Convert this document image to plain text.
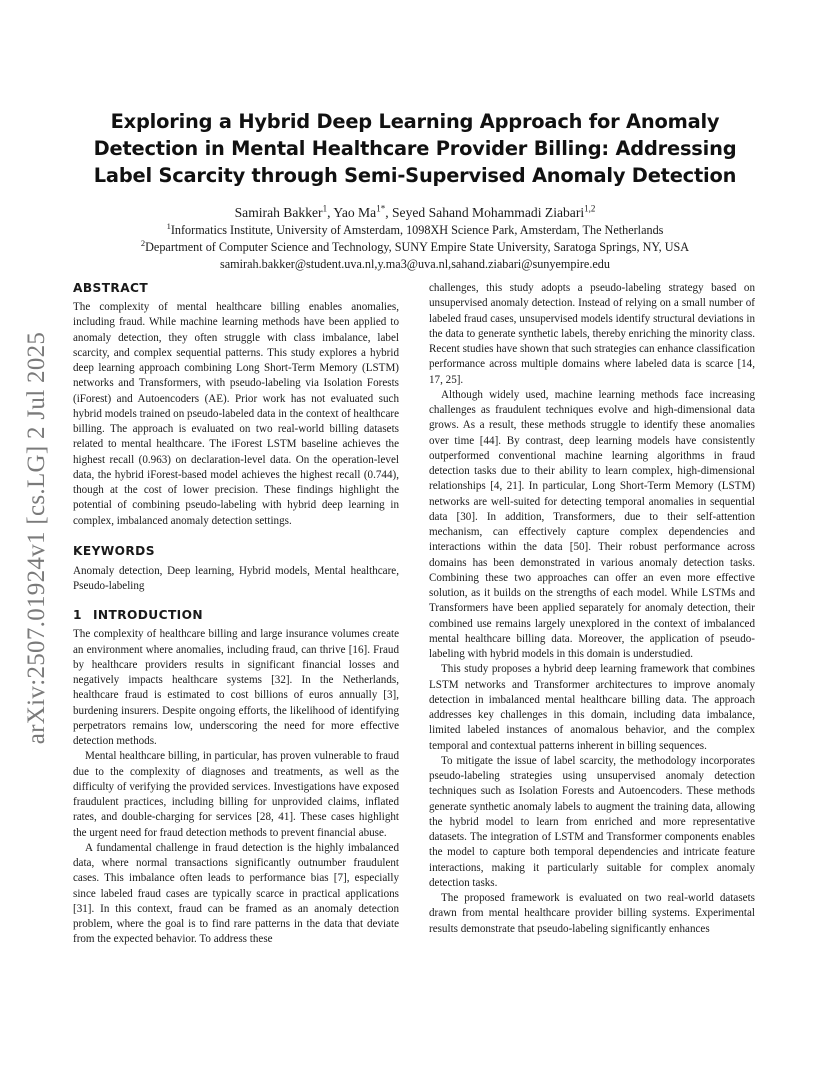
arXiv:2507.01924v1 [cs.LG] 2 Jul 2025
Exploring a Hybrid Deep Learning Approach for Anomaly Detection in Mental Healthcare Provider Billing: Addressing Label Scarcity through Semi-Supervised Anomaly Detection
Samirah Bakker$^1$, Yao $Ma^{1*}$, Seyed Sahand Mohammadi Ziabari$^{1,2}$
$^1$Informatics Institute, University of Amsterdam, 1098XH Science Park, Amsterdam, The Netherlands
$^2$Department of Computer Science and Technology, SUNY Empire State University, Saratoga Springs, NY, USA
samirah.bakker@student.uva.nl,y.ma3@uva.nl,sahand.ziabari@sunyempire.edu
ABSTRACT

The complexity of mental healthcare billing enables anomalies, including fraud. While machine learning methods have been applied to anomaly detection, they often struggle with class imbalance, label scarcity, and complex sequential patterns. This study explores a hybrid deep learning approach combining Long Short-Term Memory (LSTM) networks and Transformers, with pseudo-labeling via Isolation Forests (iForest) and Autoencoders (AE). Prior work has not evaluated such hybrid models trained on pseudo-labeled data in the context of healthcare billing. The approach is evaluated on two real-world billing datasets related to mental healthcare. The iForest LSTM baseline achieves the highest recall (0.963) on declaration-level data. On the operation-level data, the hybrid iForest-based model achieves the highest recall (0.744), though at the cost of lower precision. These findings highlight the potential of combining pseudo-labeling with hybrid deep learning in complex, imbalanced anomaly detection settings.

KEYWORDS

Anomaly detection, Deep learning, Hybrid models, Mental healthcare, Pseudo-labeling

1 INTRODUCTION

The complexity of healthcare billing and large insurance volumes create an environment where anomalies, including fraud, can thrive [16]. Fraud by healthcare providers results in significant financial losses and negatively impacts healthcare systems [32]. In the Netherlands, healthcare fraud is estimated to cost billions of euros annually [3], burdening insurers. Despite ongoing efforts, the likelihood of identifying perpetrators remains low, underscoring the need for more effective detection methods.

Mental healthcare billing, in particular, has proven vulnerable to fraud due to the complexity of diagnoses and treatments, as well as the difficulty of verifying the provided services. Investigations have exposed fraudulent practices, including billing for unprovided claims, inflated rates, and double-charging for services [28, 41]. These cases highlight the urgent need for fraud detection methods to prevent financial abuse.

A fundamental challenge in fraud detection is the highly imbalanced data, where normal transactions significantly outnumber fraudulent cases. This imbalance often leads to performance bias [7], especially since labeled fraud cases are typically scarce in practical applications [31]. In this context, fraud can be framed as an anomaly detection problem, where the goal is to find rare patterns in the data that deviate from the expected behavior. To address these

challenges, this study adopts a pseudo-labeling strategy based on unsupervised anomaly detection. Instead of relying on a small number of labeled fraud cases, unsupervised models identify structural deviations in the data to generate synthetic labels, thereby enriching the minority class. Recent studies have shown that such strategies can enhance classification performance across multiple domains where labeled data is scarce [14, 17, 25].

Although widely used, machine learning methods face increasing challenges as fraudulent techniques evolve and high-dimensional data grows. As a result, these methods struggle to identify these anomalies over time [44]. By contrast, deep learning models have consistently outperformed conventional machine learning algorithms in fraud detection tasks due to their ability to learn complex, high-dimensional relationships [4, 21]. In particular, Long Short-Term Memory (LSTM) networks are well-suited for detecting temporal anomalies in sequential data [30]. In addition, Transformers, due to their self-attention mechanism, can effectively capture complex dependencies and interactions within the data [50]. Their robust performance across domains has been demonstrated in various anomaly detection tasks. Combining these two approaches can offer an even more effective solution, as it builds on the strengths of each model. While LSTMs and Transformers have been applied separately for anomaly detection, their combined use remains largely unexplored in the context of imbalanced mental healthcare billing data. Moreover, the application of pseudo-labeling with hybrid models in this domain is understudied.

This study proposes a hybrid deep learning framework that combines LSTM networks and Transformer architectures to improve anomaly detection in imbalanced mental healthcare billing data. The approach addresses key challenges in this domain, including data imbalance, limited labeled instances of anomalous behavior, and the complex temporal and contextual patterns inherent in billing sequences.

To mitigate the issue of label scarcity, the methodology incorporates pseudo-labeling strategies using unsupervised anomaly detection techniques such as Isolation Forests and Autoencoders. These methods generate synthetic anomaly labels to augment the training data, allowing the hybrid model to learn from enriched and more representative datasets. The integration of LSTM and Transformer components enables the model to capture both temporal dependencies and intricate feature interactions, making it particularly suitable for complex anomaly detection tasks.

The proposed framework is evaluated on two real-world datasets drawn from mental healthcare provider billing systems. Experimental results demonstrate that pseudo-labeling significantly enhances
